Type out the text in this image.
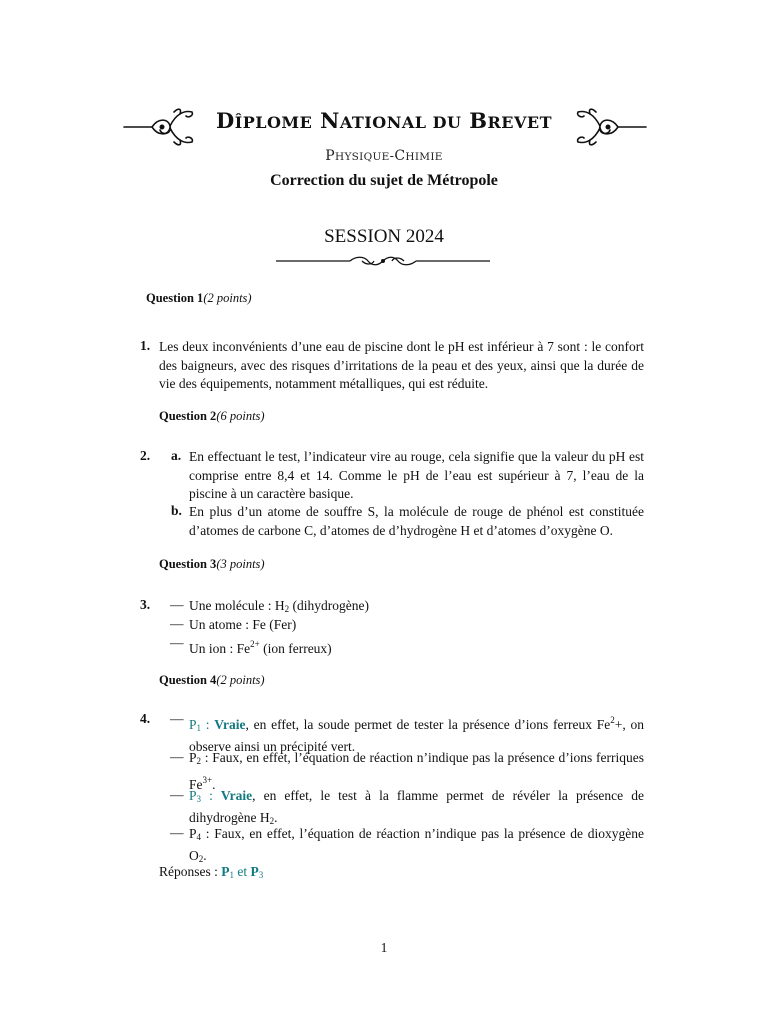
DÎPLOME NATIONAL DU BREVET
PHYSIQUE-CHIMIE
Correction du sujet de Métropole
SESSION 2024
Question 1(2 points)
1. Les deux inconvénients d’une eau de piscine dont le pH est inférieur à 7 sont : le confort des baigneurs, avec des risques d’irritations de la peau et des yeux, ainsi que la durée de vie des équipements, notamment métalliques, qui est réduite.
Question 2(6 points)
2. a. En effectuant le test, l’indicateur vire au rouge, cela signifie que la valeur du pH est comprise entre 8,4 et 14. Comme le pH de l’eau est supérieur à 7, l’eau de la piscine à un caractère basique.
b. En plus d’un atome de souffre S, la molécule de rouge de phénol est constituée d’atomes de carbone C, d’atomes de d’hydrogène H et d’atomes d’oxygène O.
Question 3(3 points)
3. — Une molécule : $H_2$ (dihydrogène)
— Un atome : Fe (Fer)
— Un ion : $Fe^{2+}$ (ion ferreux)
Question 4(2 points)
4. — $P_1$ : Vraie, en effet, la soude permet de tester la présence d’ions ferreux $Fe^2+$, on observe ainsi un précipité vert.
— $P_2$ : Faux, en effet, l’équation de réaction n’indique pas la présence d’ions ferriques $Fe^{3+}$.
— $P_3$ : Vraie, en effet, le test à la flamme permet de révéler la présence de dihydrogène $H_2$.
— $P_4$ : Faux, en effet, l’équation de réaction n’indique pas la présence de dioxygène $O_2$.
Réponses : $P_1$ et $P_3$
1
